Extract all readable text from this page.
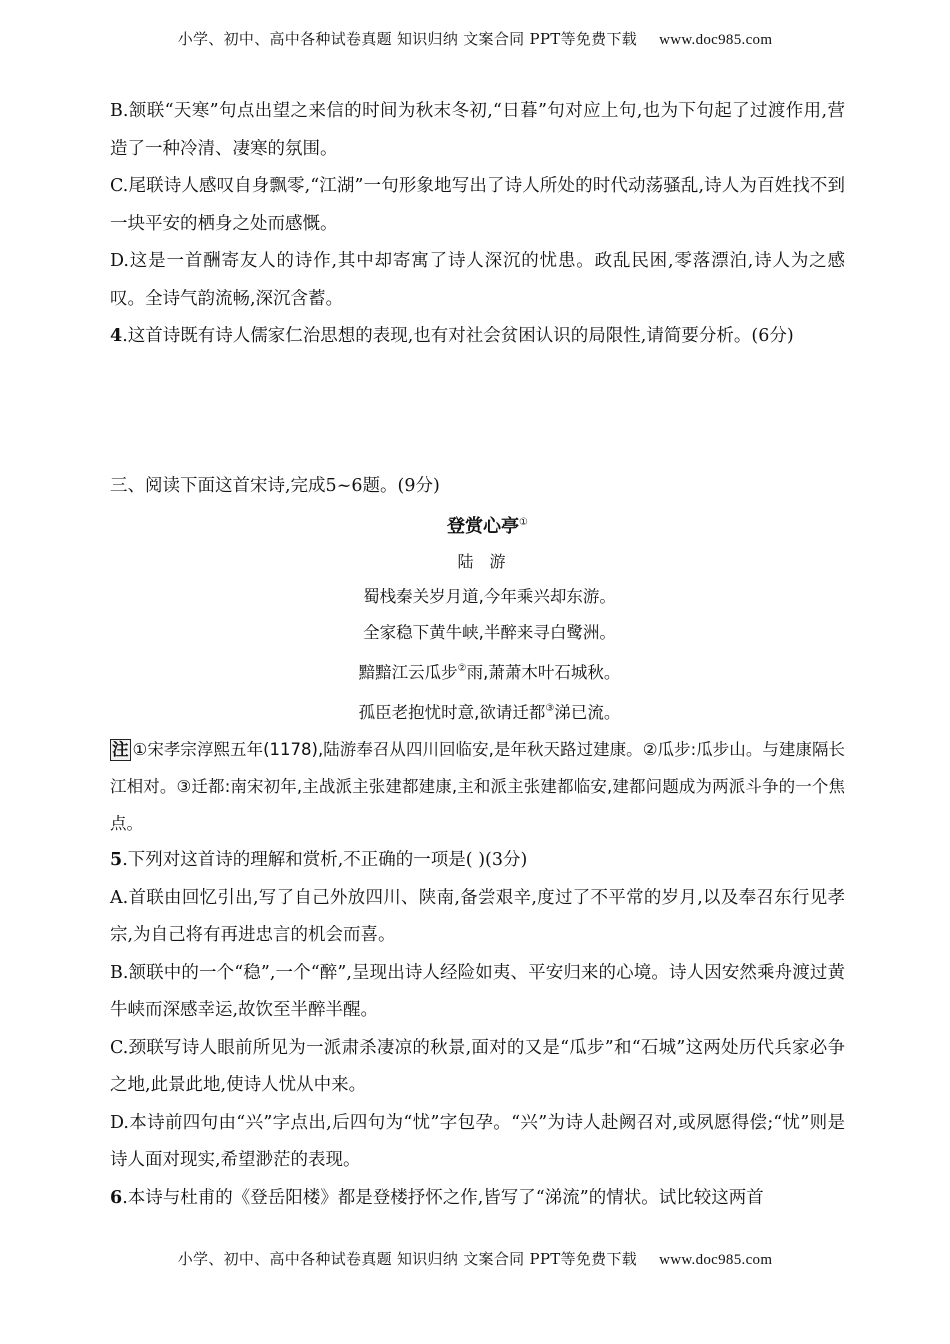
小学、初中、高中各种试卷真题 知识归纳 文案合同 PPT等免费下载 www.doc985.com

B.颔联“天寒”句点出望之来信的时间为秋末冬初,“日暮”句对应上句,也为下句起了过渡作用,营造了一种冷清、凄寒的氛围。

C.尾联诗人感叹自身飘零,“江湖”一句形象地写出了诗人所处的时代动荡骚乱,诗人为百姓找不到一块平安的栖身之处而感慨。

D.这是一首酬寄友人的诗作,其中却寄寓了诗人深沉的忧患。政乱民困,零落漂泊,诗人为之感叹。全诗气韵流畅,深沉含蓄。

4.这首诗既有诗人儒家仁治思想的表现,也有对社会贫困认识的局限性,请简要分析。(6分)

三、阅读下面这首宋诗,完成5~6题。(9分)

登赏心亭①
陆游
蜀栈秦关岁月道,今年乘兴却东游。
全家稳下黄牛峡,半醉来寻白鹭洲。
黯黯江云瓜步②雨,萧萧木叶石城秋。
孤臣老抱忧时意,欲请迁都③涕已流。

注 ①宋孝宗淳熙五年(1178),陆游奉召从四川回临安,是年秋天路过建康。②瓜步:瓜步山。与建康隔长江相对。③迁都:南宋初年,主战派主张建都建康,主和派主张建都临安,建都问题成为两派斗争的一个焦点。

5.下列对这首诗的理解和赏析,不正确的一项是( )(3分)

A.首联由回忆引出,写了自己外放四川、陕南,备尝艰辛,度过了不平常的岁月,以及奉召东行见孝宗,为自己将有再进忠言的机会而喜。

B.颔联中的一个“稳”,一个“醉”,呈现出诗人经险如夷、平安归来的心境。诗人因安然乘舟渡过黄牛峡而深感幸运,故饮至半醉半醒。

C.颈联写诗人眼前所见为一派肃杀凄凉的秋景,面对的又是“瓜步”和“石城”这两处历代兵家必争之地,此景此地,使诗人忧从中来。

D.本诗前四句由“兴”字点出,后四句为“忧”字包孕。“兴”为诗人赴阙召对,或夙愿得偿;“忧”则是诗人面对现实,希望渺茫的表现。

6.本诗与杜甫的《登岳阳楼》都是登楼抒怀之作,皆写了“涕流”的情状。试比较这两首

小学、初中、高中各种试卷真题 知识归纳 文案合同 PPT等免费下载 www.doc985.com
